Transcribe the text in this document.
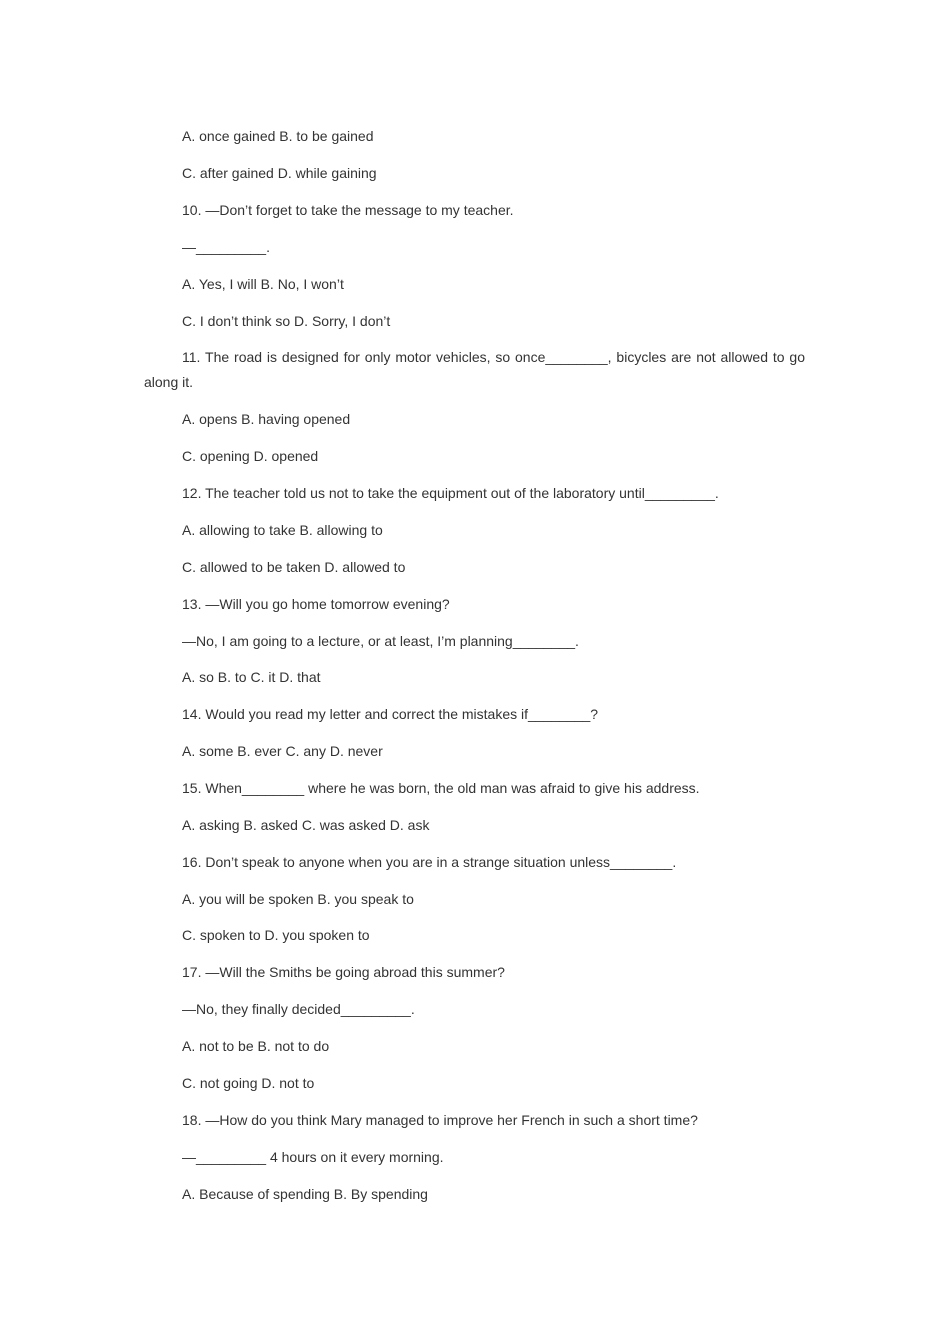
A. once gained B. to be gained
C. after gained D. while gaining
10. —Don’t forget to take the message to my teacher.
—_________.
A. Yes, I will B. No, I won’t
C. I don’t think so D. Sorry, I don’t
11. The road is designed for only motor vehicles, so once________, bicycles are not allowed to go along it.
A. opens B. having opened
C. opening D. opened
12. The teacher told us not to take the equipment out of the laboratory until_________.
A. allowing to take B. allowing to
C. allowed to be taken D. allowed to
13. —Will you go home tomorrow evening?
—No, I am going to a lecture, or at least, I’m planning________.
A. so B. to C. it D. that
14. Would you read my letter and correct the mistakes if________?
A. some B. ever C. any D. never
15. When________ where he was born, the old man was afraid to give his address.
A. asking B. asked C. was asked D. ask
16. Don’t speak to anyone when you are in a strange situation unless________.
A. you will be spoken B. you speak to
C. spoken to D. you spoken to
17. —Will the Smiths be going abroad this summer?
—No, they finally decided_________.
A. not to be B. not to do
C. not going D. not to
18. —How do you think Mary managed to improve her French in such a short time?
—_________ 4 hours on it every morning.
A. Because of spending B. By spending
